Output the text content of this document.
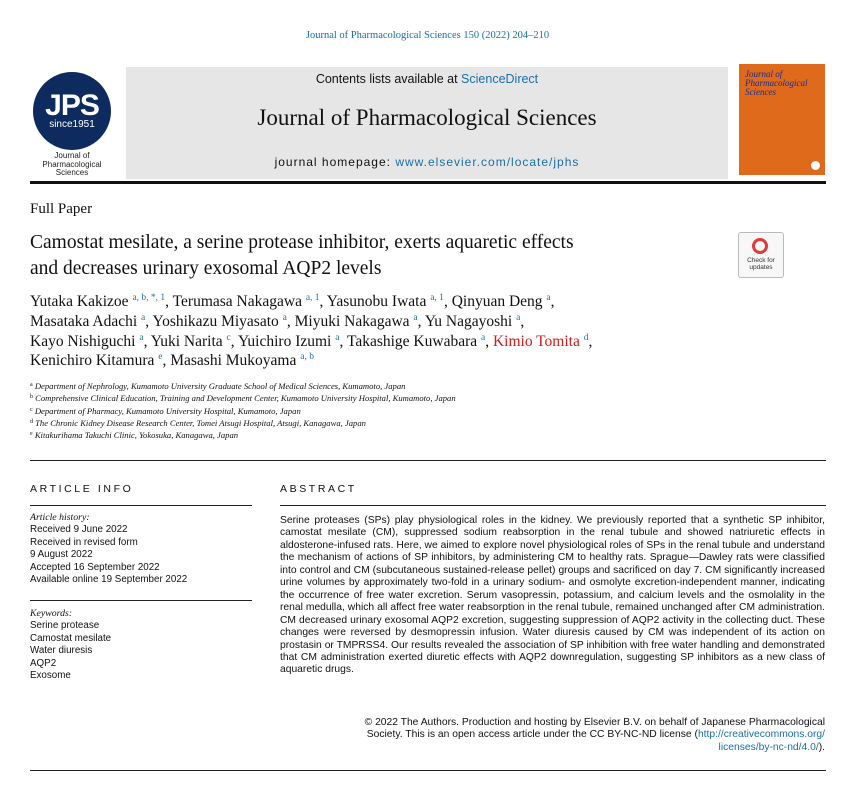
Journal of Pharmacological Sciences 150 (2022) 204–210
JPS
since1951
Journal of
Pharmacological
Sciences
Contents lists available at ScienceDirect
Journal of Pharmacological Sciences
journal homepage: www.elsevier.com/locate/jphs
Journal of
Pharmacological
Sciences
Full Paper
Camostat mesilate, a serine protease inhibitor, exerts aquaretic effects
and decreases urinary exosomal AQP2 levels	Check for
updates
Yutaka Kakizoe $^{a, b, *, 1}$, Terumasa Nakagawa $^{a, 1}$, Yasunobu Iwata $^{a, 1}$, Qinyuan Deng $^a$,
Masataka Adachi $^a$, Yoshikazu Miyasato $^a$, Miyuki Nakagawa $^a$, Yu Nagayoshi $^a$,
Kayo Nishiguchi $^a$, Yuki Narita $^c$, Yuichiro Izumi $^a$, Takashige Kuwabara $^a$, Kimio Tomita $^d$,
Kenichiro Kitamura $^e$, Masashi Mukoyama $^{a, b}$
$^a$ Department of Nephrology, Kumamoto University Graduate School of Medical Sciences, Kumamoto, Japan
$^b$ Comprehensive Clinical Education, Training and Development Center, Kumamoto University Hospital, Kumamoto, Japan
$^c$ Department of Pharmacy, Kumamoto University Hospital, Kumamoto, Japan
$^d$ The Chronic Kidney Disease Research Center, Tomei Atsugi Hospital, Atsugi, Kanagawa, Japan
$^e$ Kitakurihama Takuchi Clinic, Yokosuka, Kanagawa, Japan
ARTICLE INFO	ABSTRACT
Article history:
Received 9 June 2022
Received in revised form
9 August 2022
Accepted 16 September 2022
Available online 19 September 2022
Keywords:
Serine protease
Camostat mesilate
Water diuresis
AQP2
Exosome
Serine proteases (SPs) play physiological roles in the kidney. We previously reported that a synthetic SP inhibitor, camostat mesilate (CM), suppressed sodium reabsorption in the renal tubule and showed natriuretic effects in aldosterone-infused rats. Here, we aimed to explore novel physiological roles of SPs in the renal tubule and understand the mechanism of actions of SP inhibitors, by administering CM to healthy rats. Sprague—Dawley rats were classified into control and CM (subcutaneous sustained-release pellet) groups and sacrificed on day 7. CM significantly increased urine volumes by approximately two-fold in a urinary sodium- and osmolyte excretion-independent manner, indicating the occurrence of free water excretion. Serum vasopressin, potassium, and calcium levels and the osmolality in the renal medulla, which all affect free water reabsorption in the renal tubule, remained unchanged after CM administration. CM decreased urinary exosomal AQP2 excretion, suggesting suppression of AQP2 activity in the collecting duct. These changes were reversed by desmopressin infusion. Water diuresis caused by CM was independent of its action on prostasin or TMPRSS4. Our results revealed the association of SP inhibition with free water handling and demonstrated that CM administration exerted diuretic effects with AQP2 downregulation, suggesting SP inhibitors as a new class of aquaretic drugs.
© 2022 The Authors. Production and hosting by Elsevier B.V. on behalf of Japanese Pharmacological
Society. This is an open access article under the CC BY-NC-ND license (http://creativecommons.org/
licenses/by-nc-nd/4.0/).
